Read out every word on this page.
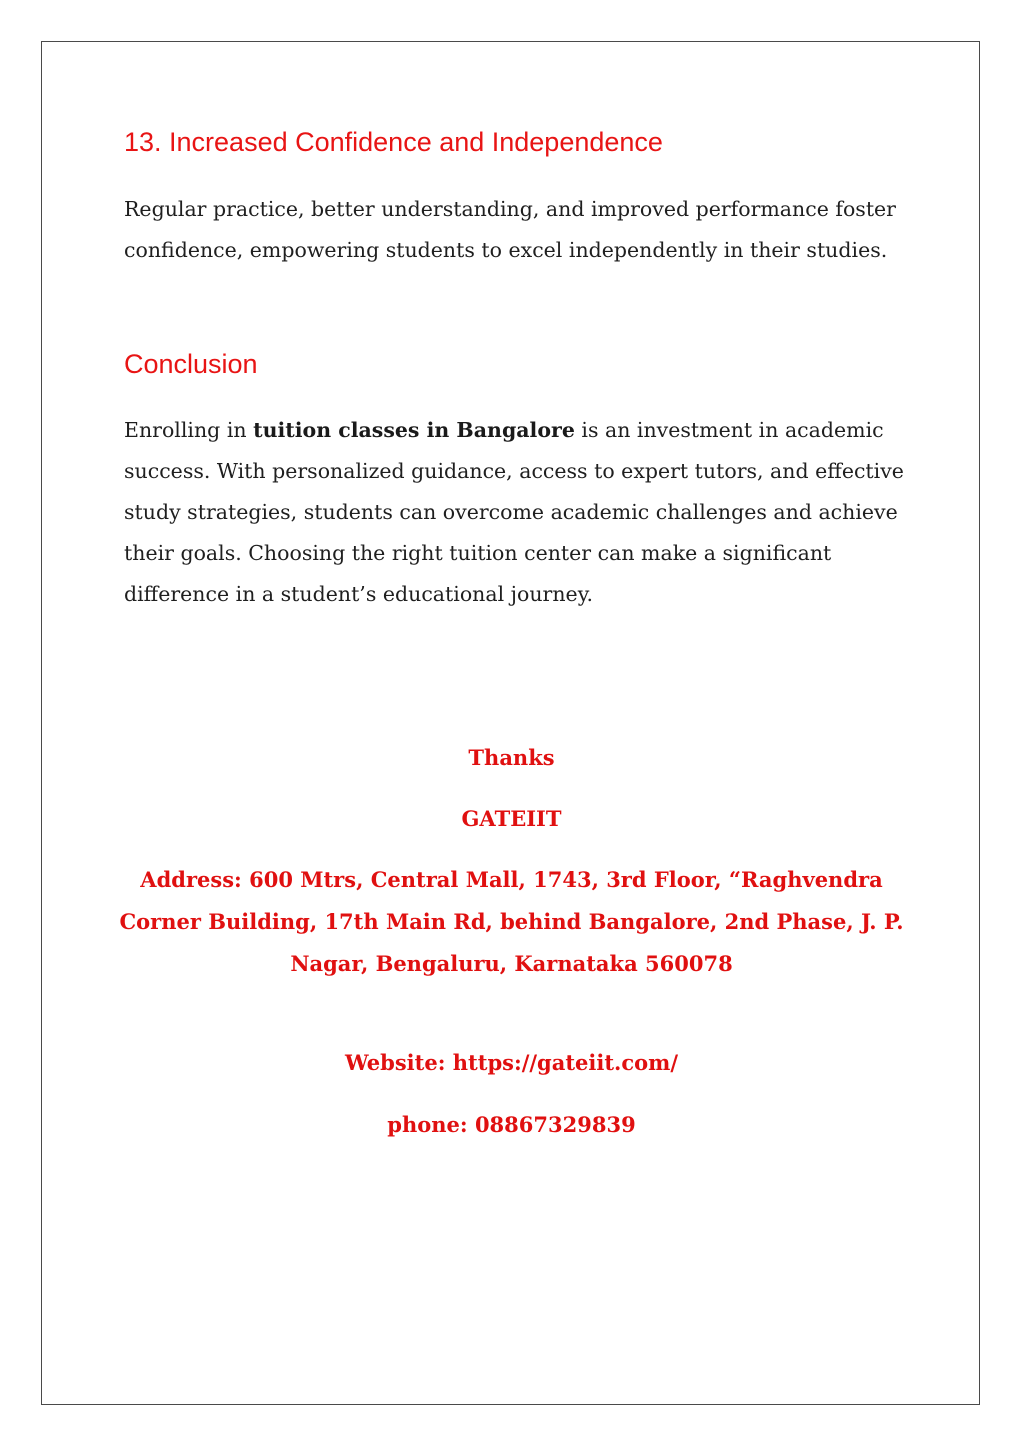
13. Increased Confidence and Independence

Regular practice, better understanding, and improved performance foster confidence, empowering students to excel independently in their studies.

Conclusion

Enrolling in tuition classes in Bangalore is an investment in academic success. With personalized guidance, access to expert tutors, and effective study strategies, students can overcome academic challenges and achieve their goals. Choosing the right tuition center can make a significant difference in a student’s educational journey.

Thanks

GATEIIT

Address: 600 Mtrs, Central Mall, 1743, 3rd Floor, “Raghvendra Corner Building, 17th Main Rd, behind Bangalore, 2nd Phase, J. P. Nagar, Bengaluru, Karnataka 560078

Website: https://gateiit.com/

phone: 08867329839
